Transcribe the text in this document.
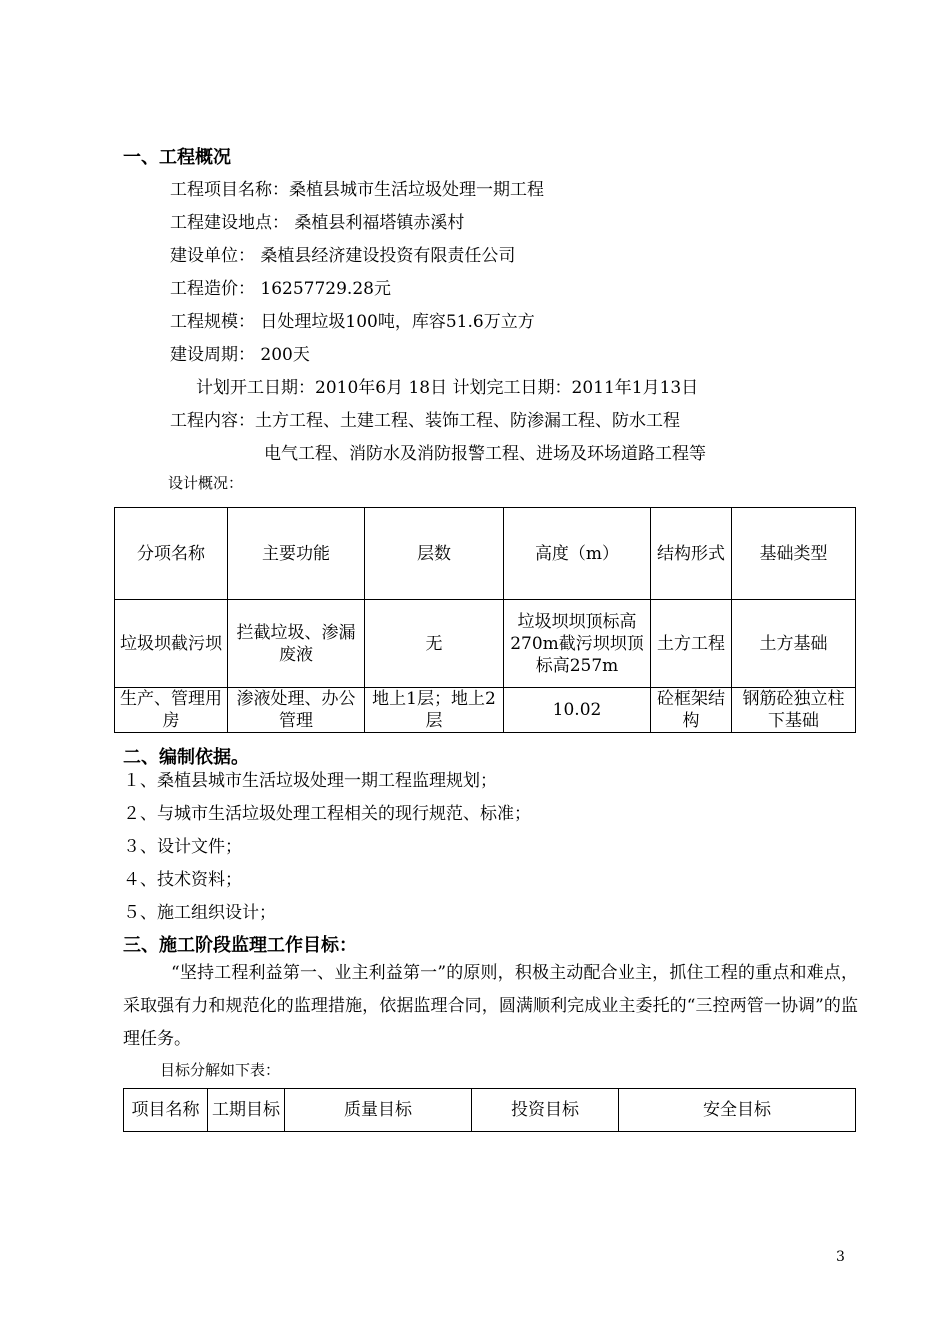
一、工程概况
工程项目名称：桑植县城市生活垃圾处理一期工程
工程建设地点： 桑植县利福塔镇赤溪村
建设单位： 桑植县经济建设投资有限责任公司
工程造价： 16257729.28元
工程规模： 日处理垃圾100吨，库容51.6万立方
建设周期： 200天
计划开工日期：2010年6月 18日 计划完工日期：2011年1月13日
工程内容：土方工程、土建工程、装饰工程、防渗漏工程、防水工程
电气工程、消防水及消防报警工程、进场及环场道路工程等
设计概况：
分项名称	主要功能	层数	高度（m）	结构形式	基础类型
垃圾坝截污坝	拦截垃圾、渗漏废液	无	垃圾坝坝顶标高270m截污坝坝顶标高257m	土方工程	土方基础
生产、管理用房	渗液处理、办公管理	地上1层；地上2层	10.02	砼框架结构	钢筋砼独立柱下基础
二、编制依据。
１、桑植县城市生活垃圾处理一期工程监理规划；
２、与城市生活垃圾处理工程相关的现行规范、标准；
３、设计文件；
４、技术资料；
５、施工组织设计；
三、施工阶段监理工作目标：
“坚持工程利益第一、业主利益第一”的原则，积极主动配合业主，抓住工程的重点和难点，采取强有力和规范化的监理措施，依据监理合同，圆满顺利完成业主委托的“三控两管一协调”的监理任务。
目标分解如下表：
项目名称	工期目标	质量目标	投资目标	安全目标
3
